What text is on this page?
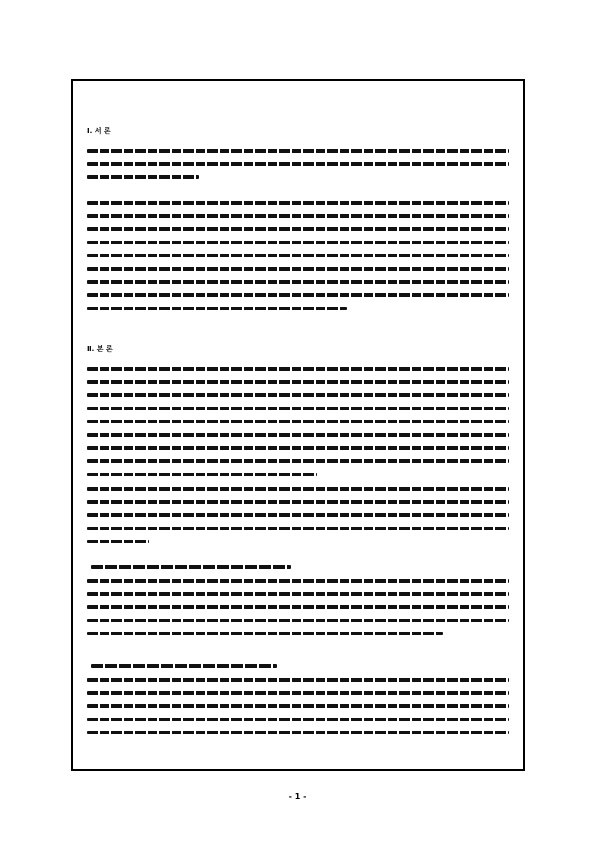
Ⅰ. 서 론
Ⅱ. 본 론
- 1 -
